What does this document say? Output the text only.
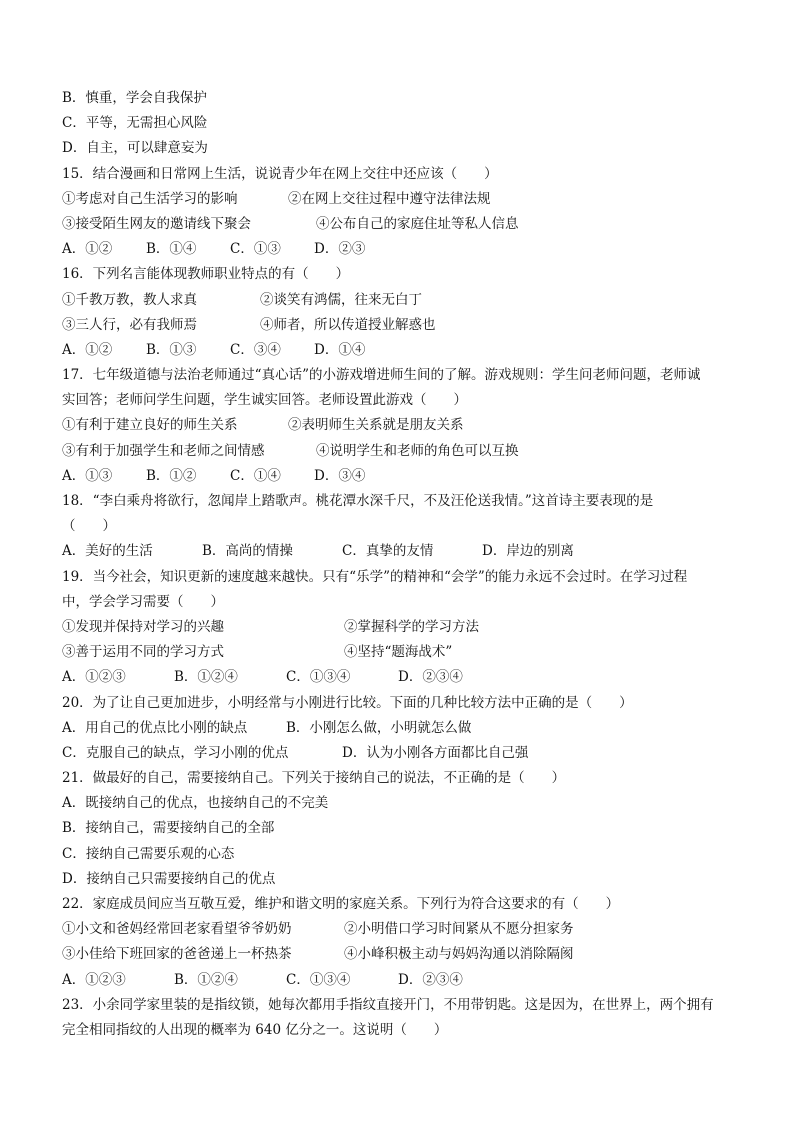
B．慎重，学会自我保护
C．平等，无需担心风险
D．自主，可以肆意妄为
15．结合漫画和日常网上生活，说说青少年在网上交往中还应该（　　）
①考虑对自己生活学习的影响	②在网上交往过程中遵守法律法规
③接受陌生网友的邀请线下聚会	④公布自己的家庭住址等私人信息
A．①②	B．①④ C．①③ D．②③
16．下列名言能体现教师职业特点的有（　　）
①千教万教，教人求真	②谈笑有鸿儒，往来无白丁
③三人行，必有我师焉	④师者，所以传道授业解惑也
A．①②	B．①③ C．③④ D．①④
17．七年级道德与法治老师通过“真心话”的小游戏增进师生间的了解。游戏规则：学生问老师问题，老师诚
实回答；老师问学生问题，学生诚实回答。老师设置此游戏（　　）
①有利于建立良好的师生关系	②表明师生关系就是朋友关系
③有利于加强学生和老师之间情感	④说明学生和老师的角色可以互换
A．①③	B．①② C．①④ D．③④
18．“李白乘舟将欲行，忽闻岸上踏歌声。桃花潭水深千尺，不及汪伦送我情。”这首诗主要表现的是
（　　）
A．美好的生活	B．高尚的情操	C．真挚的友情	D．岸边的别离
19．当今社会，知识更新的速度越来越快。只有“乐学”的精神和“会学”的能力永远不会过时。在学习过程
中，学会学习需要（　　）
①发现并保持对学习的兴趣	②掌握科学的学习方法
③善于运用不同的学习方式	④坚持“题海战术”
A．①②③	B．①②④	C．①③④	D．②③④
20．为了让自己更加进步，小明经常与小刚进行比较。下面的几种比较方法中正确的是（　　）
A．用自己的优点比小刚的缺点	B．小刚怎么做，小明就怎么做
C．克服自己的缺点，学习小刚的优点	D．认为小刚各方面都比自己强
21．做最好的自己，需要接纳自己。下列关于接纳自己的说法，不正确的是（　　）
A．既接纳自己的优点，也接纳自己的不完美
B．接纳自己，需要接纳自己的全部
C．接纳自己需要乐观的心态
D．接纳自己只需要接纳自己的优点
22．家庭成员间应当互敬互爱，维护和谐文明的家庭关系。下列行为符合这要求的有（　　）
①小文和爸妈经常回老家看望爷爷奶奶	②小明借口学习时间紧从不愿分担家务
③小佳给下班回家的爸爸递上一杯热茶	④小峰积极主动与妈妈沟通以消除隔阂
A．①②③	B．①②④	C．①③④	D．②③④
23．小余同学家里装的是指纹锁，她每次都用手指纹直接开门，不用带钥匙。这是因为，在世界上，两个拥有
完全相同指纹的人出现的概率为 640 亿分之一。这说明（　　）
